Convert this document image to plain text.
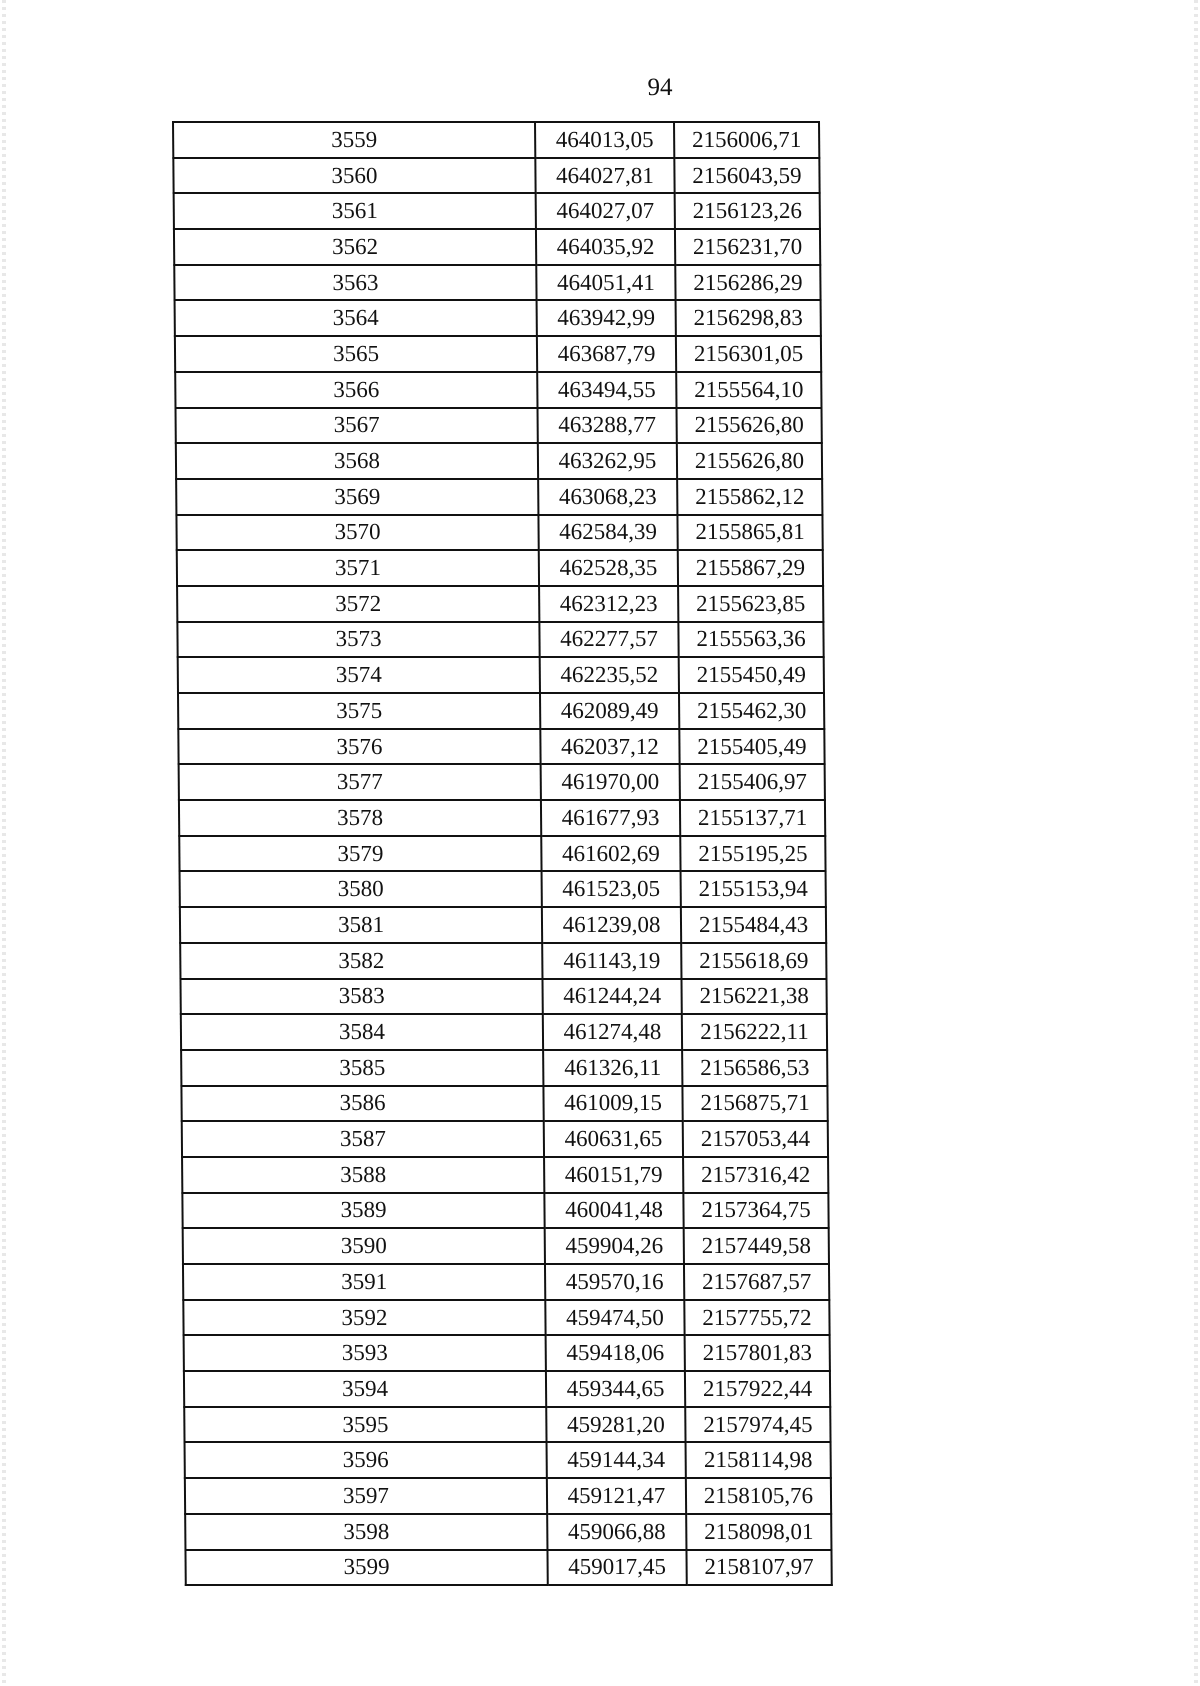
94
3559	464013,05	2156006,71
3560	464027,81	2156043,59
3561	464027,07	2156123,26
3562	464035,92	2156231,70
3563	464051,41	2156286,29
3564	463942,99	2156298,83
3565	463687,79	2156301,05
3566	463494,55	2155564,10
3567	463288,77	2155626,80
3568	463262,95	2155626,80
3569	463068,23	2155862,12
3570	462584,39	2155865,81
3571	462528,35	2155867,29
3572	462312,23	2155623,85
3573	462277,57	2155563,36
3574	462235,52	2155450,49
3575	462089,49	2155462,30
3576	462037,12	2155405,49
3577	461970,00	2155406,97
3578	461677,93	2155137,71
3579	461602,69	2155195,25
3580	461523,05	2155153,94
3581	461239,08	2155484,43
3582	461143,19	2155618,69
3583	461244,24	2156221,38
3584	461274,48	2156222,11
3585	461326,11	2156586,53
3586	461009,15	2156875,71
3587	460631,65	2157053,44
3588	460151,79	2157316,42
3589	460041,48	2157364,75
3590	459904,26	2157449,58
3591	459570,16	2157687,57
3592	459474,50	2157755,72
3593	459418,06	2157801,83
3594	459344,65	2157922,44
3595	459281,20	2157974,45
3596	459144,34	2158114,98
3597	459121,47	2158105,76
3598	459066,88	2158098,01
3599	459017,45	2158107,97
